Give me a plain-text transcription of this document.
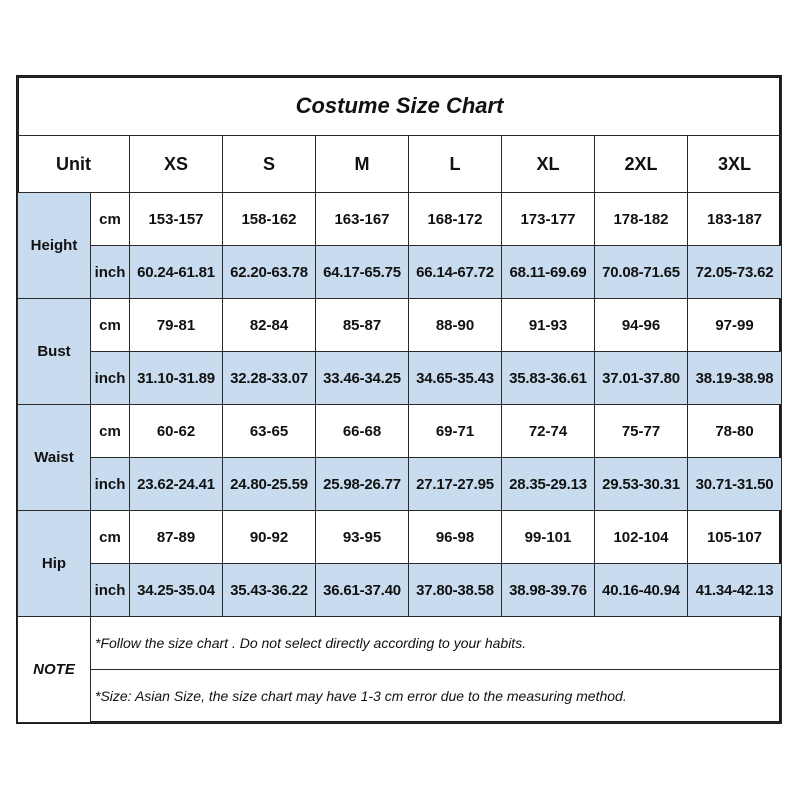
Costume Size Chart								
Unit		XS	S	M	L	XL	2XL	3XL
Height	cm	153-157	158-162	163-167	168-172	173-177	178-182	183-187
	inch	60.24-61.81	62.20-63.78	64.17-65.75	66.14-67.72	68.11-69.69	70.08-71.65	72.05-73.62
Bust	cm	79-81	82-84	85-87	88-90	91-93	94-96	97-99
	inch	31.10-31.89	32.28-33.07	33.46-34.25	34.65-35.43	35.83-36.61	37.01-37.80	38.19-38.98
Waist	cm	60-62	63-65	66-68	69-71	72-74	75-77	78-80
	inch	23.62-24.41	24.80-25.59	25.98-26.77	27.17-27.95	28.35-29.13	29.53-30.31	30.71-31.50
Hip	cm	87-89	90-92	93-95	96-98	99-101	102-104	105-107
	inch	34.25-35.04	35.43-36.22	36.61-37.40	37.80-38.58	38.98-39.76	40.16-40.94	41.34-42.13
NOTE	*Follow the size chart . Do not select directly according to your habits.							
	*Size: Asian Size, the size chart may have 1-3 cm error due to the measuring method.							
